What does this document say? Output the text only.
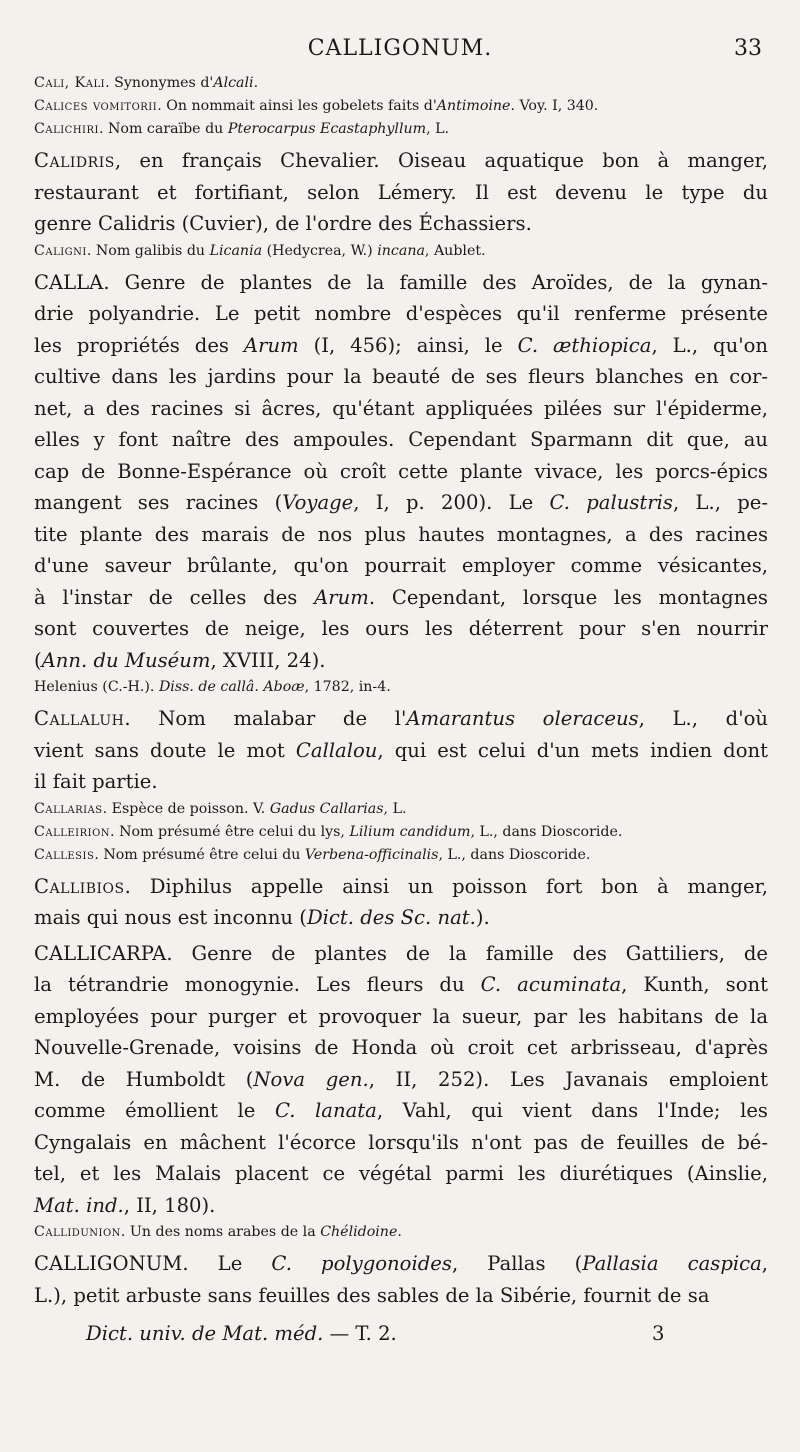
CALLIGONUM.	33

Cali, Kali. Synonymes d'Alcali.

Calices vomitorii. On nommait ainsi les gobelets faits d'Antimoine. Voy. I, 340.

Calichiri. Nom caraïbe du Pterocarpus Ecastaphyllum, L.

Calidris, en français Chevalier. Oiseau aquatique bon à manger,

restaurant et fortifiant, selon Lémery. Il est devenu le type du

genre Calidris (Cuvier), de l'ordre des Échassiers.

Caligni. Nom galibis du Licania (Hedycrea, W.) incana, Aublet.

CALLA. Genre de plantes de la famille des Aroïdes, de la gynan-

drie polyandrie. Le petit nombre d'espèces qu'il renferme présente

les propriétés des Arum (I, 456); ainsi, le C. æthiopica, L., qu'on

cultive dans les jardins pour la beauté de ses fleurs blanches en cor-

net, a des racines si âcres, qu'étant appliquées pilées sur l'épiderme,

elles y font naître des ampoules. Cependant Sparmann dit que, au

cap de Bonne-Espérance où croît cette plante vivace, les porcs-épics

mangent ses racines (Voyage, I, p. 200). Le C. palustris, L., pe-

tite plante des marais de nos plus hautes montagnes, a des racines

d'une saveur brûlante, qu'on pourrait employer comme vésicantes,

à l'instar de celles des Arum. Cependant, lorsque les montagnes

sont couvertes de neige, les ours les déterrent pour s'en nourrir

(Ann. du Muséum, XVIII, 24).

Helenius (C.-H.). Diss. de callâ. Aboæ, 1782, in-4.

Callaluh. Nom malabar de l'Amarantus oleraceus, L., d'où

vient sans doute le mot Callalou, qui est celui d'un mets indien dont

il fait partie.

Callarias. Espèce de poisson. V. Gadus Callarias, L.

Calleirion. Nom présumé être celui du lys, Lilium candidum, L., dans Dioscoride.

Callesis. Nom présumé être celui du Verbena-officinalis, L., dans Dioscoride.

Callibios. Diphilus appelle ainsi un poisson fort bon à manger,

mais qui nous est inconnu (Dict. des Sc. nat.).

CALLICARPA. Genre de plantes de la famille des Gattiliers, de

la tétrandrie monogynie. Les fleurs du C. acuminata, Kunth, sont

employées pour purger et provoquer la sueur, par les habitans de la

Nouvelle-Grenade, voisins de Honda où croit cet arbrisseau, d'après

M. de Humboldt (Nova gen., II, 252). Les Javanais emploient

comme émollient le C. lanata, Vahl, qui vient dans l'Inde; les

Cyngalais en mâchent l'écorce lorsqu'ils n'ont pas de feuilles de bé-

tel, et les Malais placent ce végétal parmi les diurétiques (Ainslie,

Mat. ind., II, 180).

Callidunion. Un des noms arabes de la Chélidoine.

CALLIGONUM. Le C. polygonoides, Pallas (Pallasia caspica,

L.), petit arbuste sans feuilles des sables de la Sibérie, fournit de sa

Dict. univ. de Mat. méd. — T. 2.	3
